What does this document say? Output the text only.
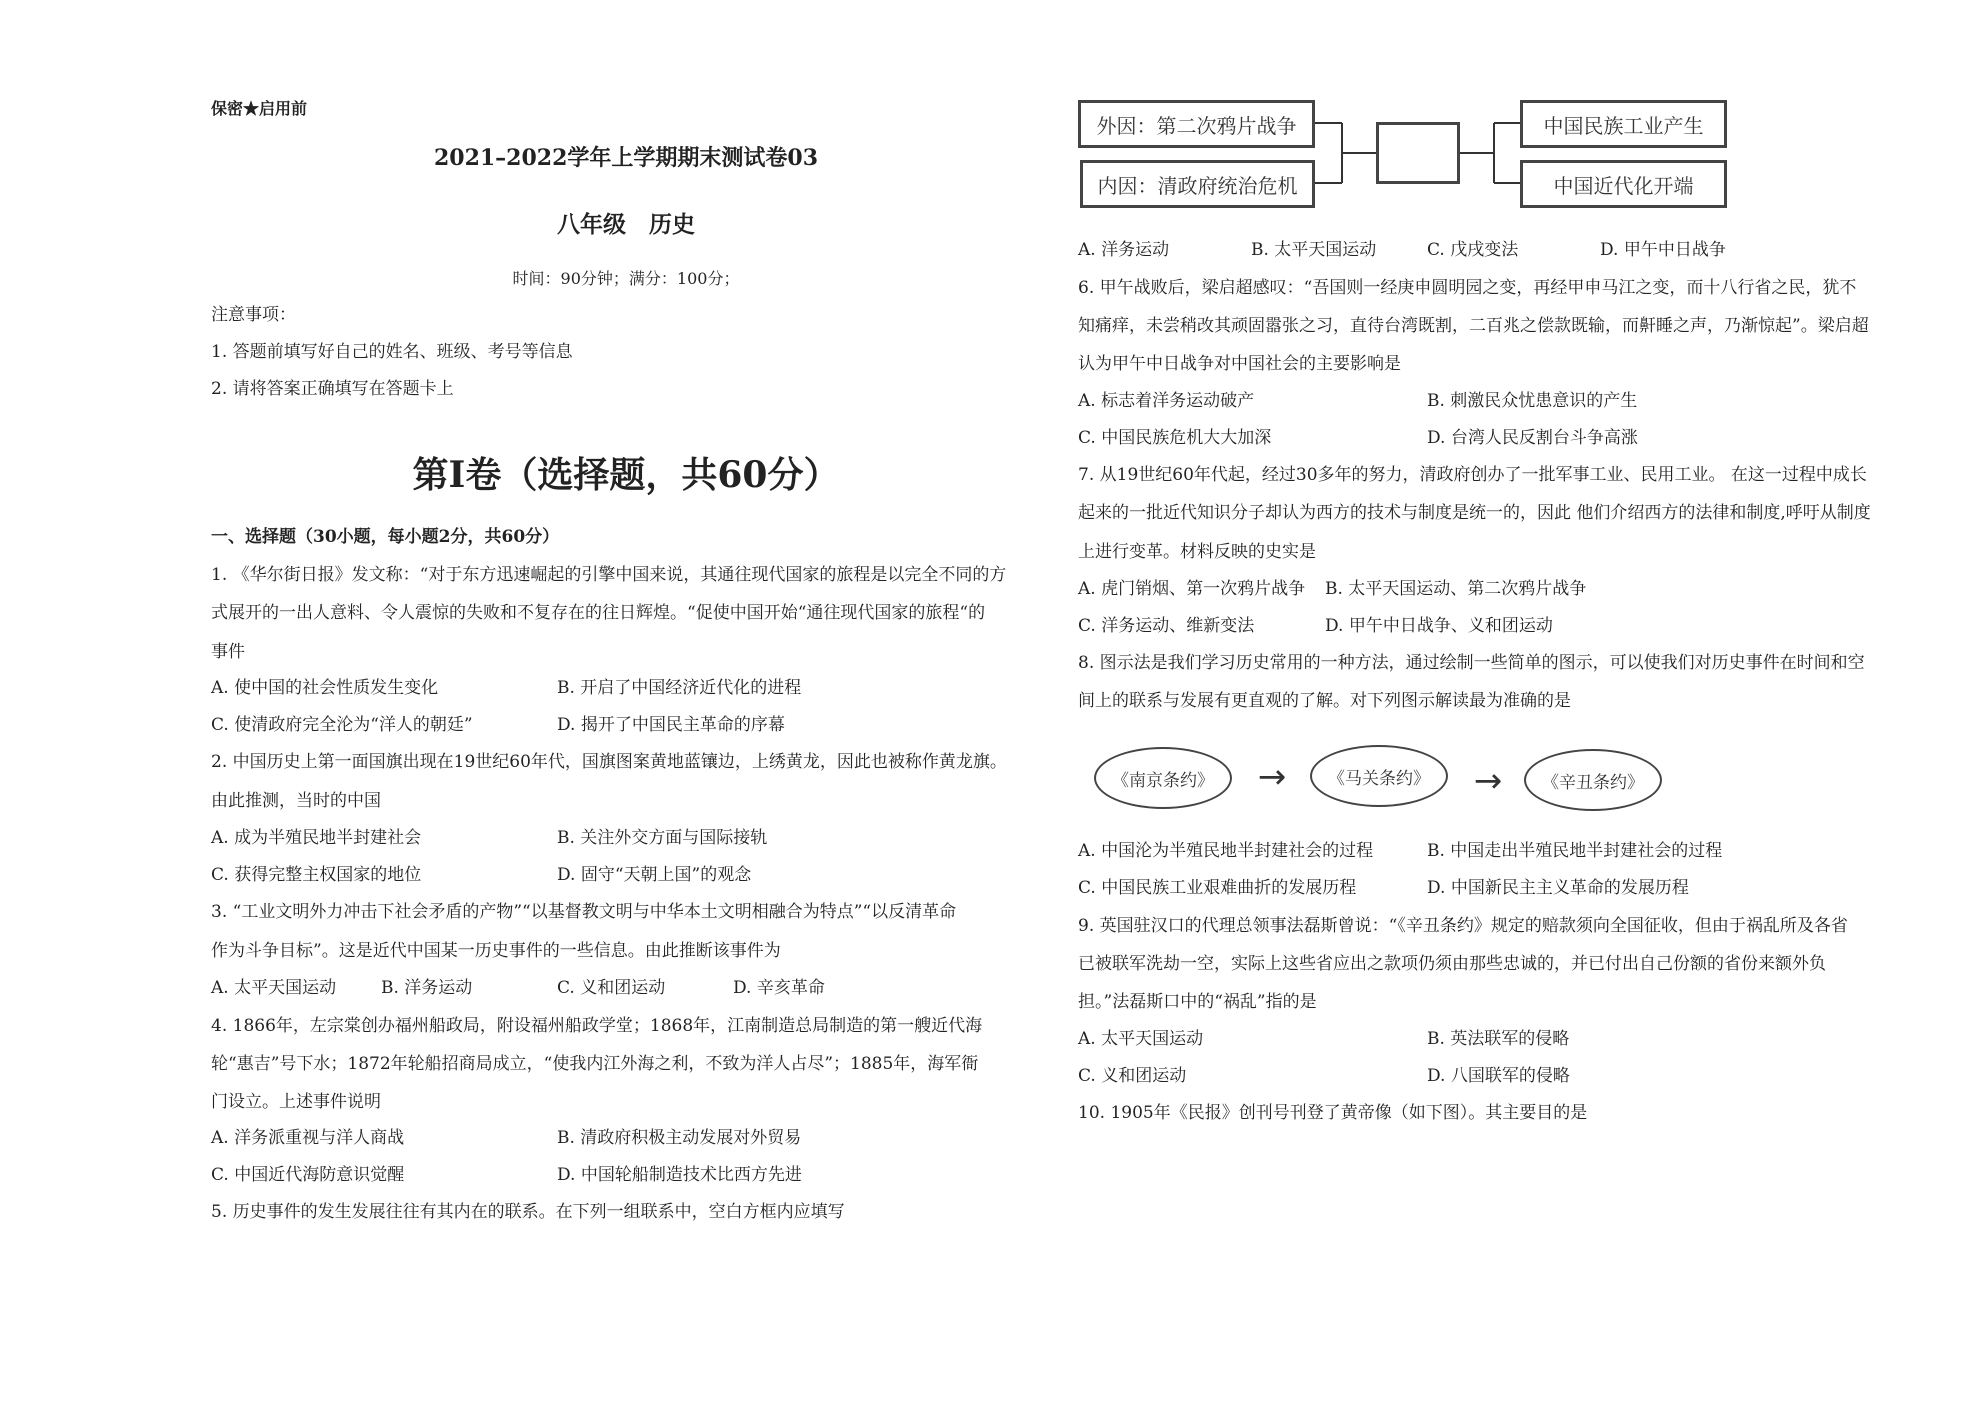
保密★启用前
2021–2022学年上学期期末测试卷03
八年级　历史
时间：90分钟；满分：100分；
注意事项：
1. 答题前填写好自己的姓名、班级、考号等信息
2. 请将答案正确填写在答题卡上
第I卷（选择题，共60分）
一、选择题（30小题，每小题2分，共60分）
1. 《华尔街日报》发文称：“对于东方迅速崛起的引擎中国来说，其通往现代国家的旅程是以完全不同的方
式展开的一出人意料、令人震惊的失败和不复存在的往日辉煌。“促使中国开始“通往现代国家的旅程“的
事件
A. 使中国的社会性质发生变化	B. 开启了中国经济近代化的进程
C. 使清政府完全沦为“洋人的朝廷”	D. 揭开了中国民主革命的序幕
2. 中国历史上第一面国旗出现在19世纪60年代，国旗图案黄地蓝镶边，上绣黄龙，因此也被称作黄龙旗。
由此推测，当时的中国
A. 成为半殖民地半封建社会	B. 关注外交方面与国际接轨
C. 获得完整主权国家的地位	D. 固守“天朝上国”的观念
3. “工业文明外力冲击下社会矛盾的产物”“以基督教文明与中华本土文明相融合为特点”“以反清革命
作为斗争目标”。这是近代中国某一历史事件的一些信息。由此推断该事件为
A. 太平天国运动	B. 洋务运动	C. 义和团运动	D. 辛亥革命
4. 1866年，左宗棠创办福州船政局，附设福州船政学堂；1868年，江南制造总局制造的第一艘近代海
轮“惠吉”号下水；1872年轮船招商局成立，“使我内江外海之利，不致为洋人占尽”；1885年，海军衙
门设立。上述事件说明
A. 洋务派重视与洋人商战	B. 清政府积极主动发展对外贸易
C. 中国近代海防意识觉醒	D. 中国轮船制造技术比西方先进
5. 历史事件的发生发展往往有其内在的联系。在下列一组联系中，空白方框内应填写
外因：第二次鸦片战争
内因：清政府统治危机
中国民族工业产生
中国近代化开端
A. 洋务运动	B. 太平天国运动	C. 戊戌变法	D. 甲午中日战争
6. 甲午战败后，梁启超感叹：“吾国则一经庚申圆明园之变，再经甲申马江之变，而十八行省之民，犹不
知痛痒，未尝稍改其顽固嚣张之习，直待台湾既割，二百兆之偿款既输，而鼾睡之声，乃渐惊起”。梁启超
认为甲午中日战争对中国社会的主要影响是
A. 标志着洋务运动破产	B. 刺激民众忧患意识的产生
C. 中国民族危机大大加深	D. 台湾人民反割台斗争高涨
7. 从19世纪60年代起，经过30多年的努力，清政府创办了一批军事工业、民用工业。 在这一过程中成长
起来的一批近代知识分子却认为西方的技术与制度是统一的，因此 他们介绍西方的法律和制度,呼吁从制度
上进行变革。材料反映的史实是
A. 虎门销烟、第一次鸦片战争 B. 太平天国运动、第二次鸦片战争
C. 洋务运动、维新变法	D. 甲午中日战争、义和团运动
8. 图示法是我们学习历史常用的一种方法，通过绘制一些简单的图示，可以使我们对历史事件在时间和空
间上的联系与发展有更直观的了解。对下列图示解读最为准确的是
《南京条约》	→	《马关条约》	→	《辛丑条约》
A. 中国沦为半殖民地半封建社会的过程	B. 中国走出半殖民地半封建社会的过程
C. 中国民族工业艰难曲折的发展历程	D. 中国新民主主义革命的发展历程
9. 英国驻汉口的代理总领事法磊斯曾说：“《辛丑条约》规定的赔款须向全国征收，但由于祸乱所及各省
已被联军洗劫一空，实际上这些省应出之款项仍须由那些忠诚的，并已付出自己份额的省份来额外负
担。”法磊斯口中的“祸乱”指的是
A. 太平天国运动	B. 英法联军的侵略
C. 义和团运动	D. 八国联军的侵略
10. 1905年《民报》创刊号刊登了黄帝像（如下图）。其主要目的是
